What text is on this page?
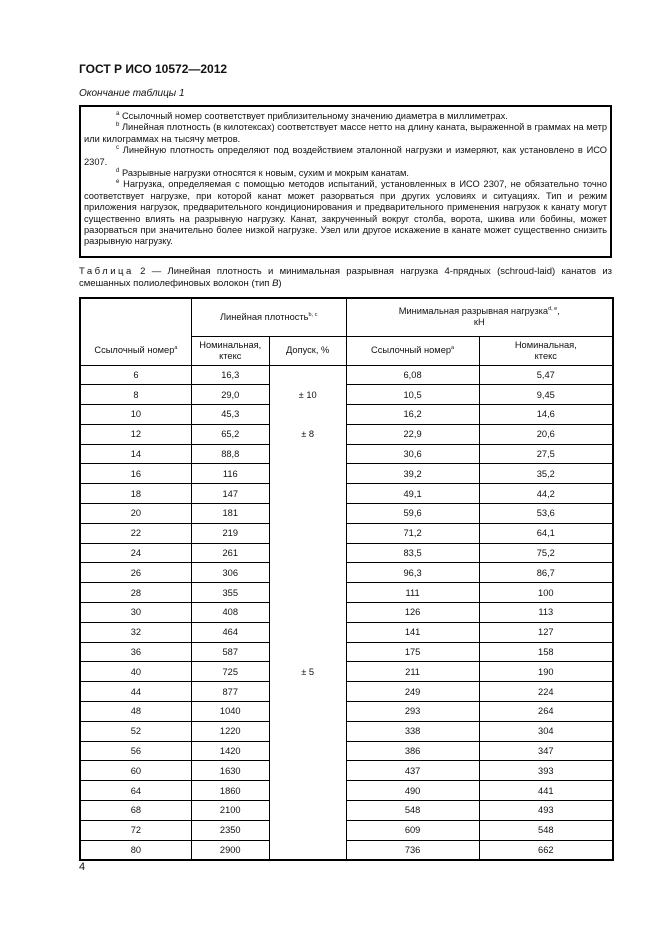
ГОСТ Р ИСО 10572—2012
Окончание таблицы 1

$^a$ Ссылочный номер соответствует приблизительному значению диаметра в миллиметрах.

$^b$ Линейная плотность (в килотексах) соответствует массе нетто на длину каната, выраженной в граммах на метр или килограммах на тысячу метров.

$^c$ Линейную плотность определяют под воздействием эталонной нагрузки и измеряют, как установлено в ИСО 2307.

$^d$ Разрывные нагрузки относятся к новым, сухим и мокрым канатам.

$^e$ Нагрузка, определяемая с помощью методов испытаний, установленных в ИСО 2307, не обязательно точно соответствует нагрузке, при которой канат может разорваться при других условиях и ситуациях. Тип и режим приложения нагрузок, предварительного кондиционирования и предварительного применения нагрузок к канату могут существенно влиять на разрывную нагрузку. Канат, закрученный вокруг столба, ворота, шкива или бобины, может разорваться при значительно более низкой нагрузке. Узел или другое искажение в канате может существенно снизить разрывную нагрузку.

Таблица 2 — Линейная плотность и минимальная разрывная нагрузка 4-прядных (schroud-laid) канатов из смешанных полиолефиновых волокон (тип B)
Ссылочный номер$^a$	Линейная плотность$^{b, c}$		Минимальная разрывная нагрузка$^{d, e}$,
кН	
	Номинальная, ктекс	Допуск, %	Ссылочный номер$^a$	Номинальная, ктекс
6	16,3		6,08	5,47
8	29,0	± 10	10,5	9,45
10	45,3		16,2	14,6
12	65,2	± 8	22,9	20,6
14	88,8		30,6	27,5
16	116		39,2	35,2
18	147		49,1	44,2
20	181		59,6	53,6
22	219		71,2	64,1
24	261		83,5	75,2
26	306		96,3	86,7
28	355		111	100
30	408		126	113
32	464		141	127
36	587		175	158
40	725	± 5	211	190
44	877		249	224
48	1040		293	264
52	1220		338	304
56	1420		386	347
60	1630		437	393
64	1860		490	441
68	2100		548	493
72	2350		609	548
80	2900		736	662
4
